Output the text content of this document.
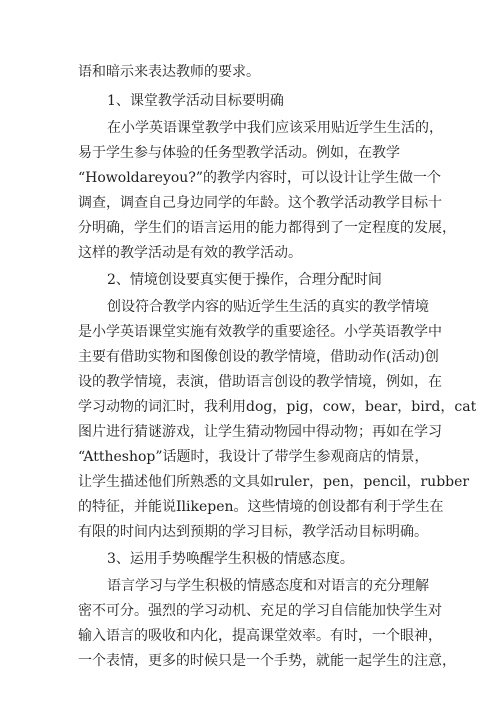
语和暗示来表达教师的要求。
1、课堂教学活动目标要明确
在小学英语课堂教学中我们应该采用贴近学生生活的，
易于学生参与体验的任务型教学活动。例如，在教学
“Howoldareyou?”的教学内容时，可以设计让学生做一个
调查，调查自己身边同学的年龄。这个教学活动教学目标十
分明确，学生们的语言运用的能力都得到了一定程度的发展，
这样的教学活动是有效的教学活动。
2、情境创设要真实便于操作，合理分配时间
创设符合教学内容的贴近学生生活的真实的教学情境
是小学英语课堂实施有效教学的重要途径。小学英语教学中
主要有借助实物和图像创设的教学情境，借助动作(活动)创
设的教学情境，表演，借助语言创设的教学情境，例如，在
学习动物的词汇时，我利用dog，pig，cow，bear，bird，cat
图片进行猜谜游戏，让学生猜动物园中得动物；再如在学习
“Attheshop”话题时，我设计了带学生参观商店的情景，
让学生描述他们所熟悉的文具如ruler，pen，pencil，rubber
的特征，并能说Ilikepen。这些情境的创设都有利于学生在
有限的时间内达到预期的学习目标，教学活动目标明确。
3、运用手势唤醒学生积极的情感态度。
语言学习与学生积极的情感态度和对语言的充分理解
密不可分。强烈的学习动机、充足的学习自信能加快学生对
输入语言的吸收和内化，提高课堂效率。有时，一个眼神，
一个表情，更多的时候只是一个手势，就能一起学生的注意，
